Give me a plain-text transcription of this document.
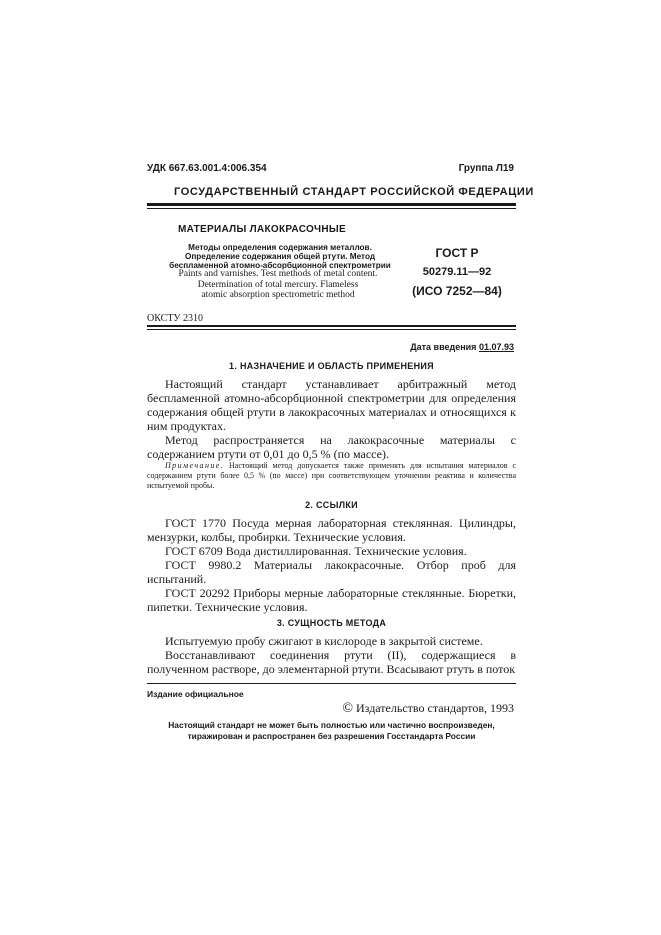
УДК 667.63.001.4:006.354	Группа Л19
ГОСУДАРСТВЕННЫЙ СТАНДАРТ РОССИЙСКОЙ ФЕДЕРАЦИИ
МАТЕРИАЛЫ ЛАКОКРАСОЧНЫЕ
Методы определения содержания металлов.
Определение содержания общей ртути. Метод
беспламенной атомно-абсорбционной спектрометрии
Paints and varnishes. Test methods of metal content.
Determination of total mercury. Flameless
atomic absorption spectrometric method
ГОСТ Р
50279.11—92
(ИСО 7252—84)
ОКСТУ 2310
Дата введения 01.07.93
1. НАЗНАЧЕНИЕ И ОБЛАСТЬ ПРИМЕНЕНИЯ
Настоящий стандарт устанавливает арбитражный метод беспламенной атомно-абсорбционной спектрометрии для определения содержания общей ртути в лакокрасочных материалах и относящихся к ним продуктах.
Метод распространяется на лакокрасочные материалы с содержанием ртути от 0,01 до 0,5 % (по массе).
Примечание. Настоящий метод допускается также применять для испытания материалов с содержанием ртути более 0,5 % (по массе) при соответствующем уточнении реактива и количества испытуемой пробы.
2. ССЫЛКИ
ГОСТ 1770 Посуда мерная лабораторная стеклянная. Цилиндры, мензурки, колбы, пробирки. Технические условия.
ГОСТ 6709 Вода дистиллированная. Технические условия.
ГОСТ 9980.2 Материалы лакокрасочные. Отбор проб для испытаний.
ГОСТ 20292 Приборы мерные лабораторные стеклянные. Бюретки, пипетки. Технические условия.
3. СУЩНОСТЬ МЕТОДА
Испытуемую пробу сжигают в кислороде в закрытой системе.
Восстанавливают соединения ртути (II), содержащиеся в полученном растворе, до элементарной ртути. Всасывают ртуть в поток
Издание официальное
© Издательство стандартов, 1993
Настоящий стандарт не может быть полностью или частично воспроизведен,
тиражирован и распространен без разрешения Госстандарта России
